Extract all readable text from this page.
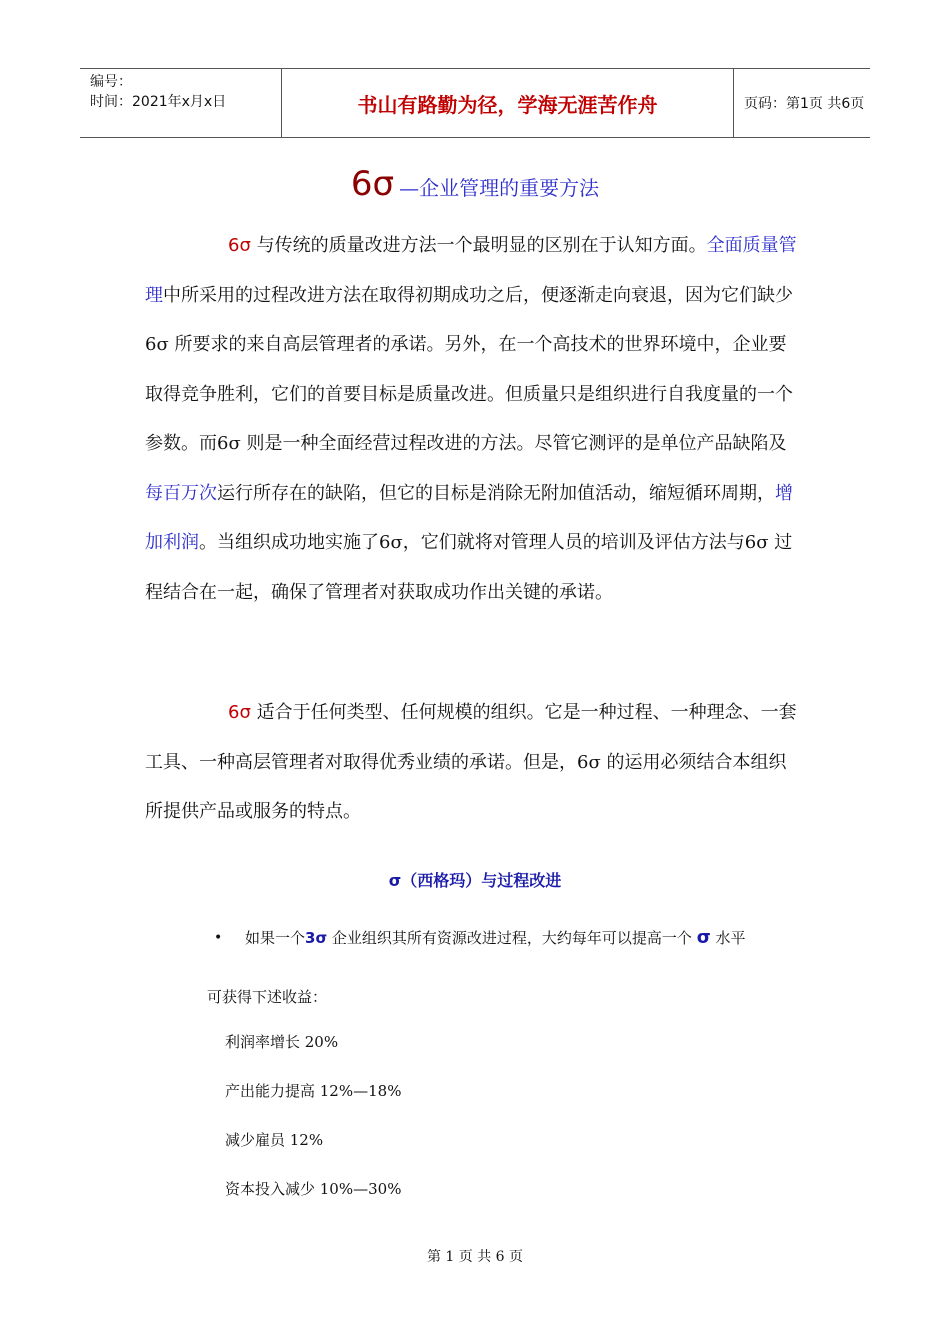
编号：
时间：2021年x月x日	书山有路勤为径，学海无涯苦作舟	页码：第1页 共6页
6σ —企业管理的重要方法

6σ 与传统的质量改进方法一个最明显的区别在于认知方面。全面质量管理中所采用的过程改进方法在取得初期成功之后，便逐渐走向衰退，因为它们缺少6σ 所要求的来自高层管理者的承诺。另外，在一个高技术的世界环境中，企业要取得竞争胜利，它们的首要目标是质量改进。但质量只是组织进行自我度量的一个参数。而6σ 则是一种全面经营过程改进的方法。尽管它测评的是单位产品缺陷及每百万次运行所存在的缺陷，但它的目标是消除无附加值活动，缩短循环周期，增加利润。当组织成功地实施了6σ，它们就将对管理人员的培训及评估方法与6σ 过程结合在一起，确保了管理者对获取成功作出关键的承诺。

6σ 适合于任何类型、任何规模的组织。它是一种过程、一种理念、一套工具、一种高层管理者对取得优秀业绩的承诺。但是，6σ 的运用必须结合本组织所提供产品或服务的特点。

σ（西格玛）与过程改进
• 如果一个3σ 企业组织其所有资源改进过程，大约每年可以提高一个 σ 水平
可获得下述收益：
利润率增长 20%
产出能力提高 12%—18%
减少雇员 12%
资本投入减少 10%—30%
第 1 页 共 6 页
